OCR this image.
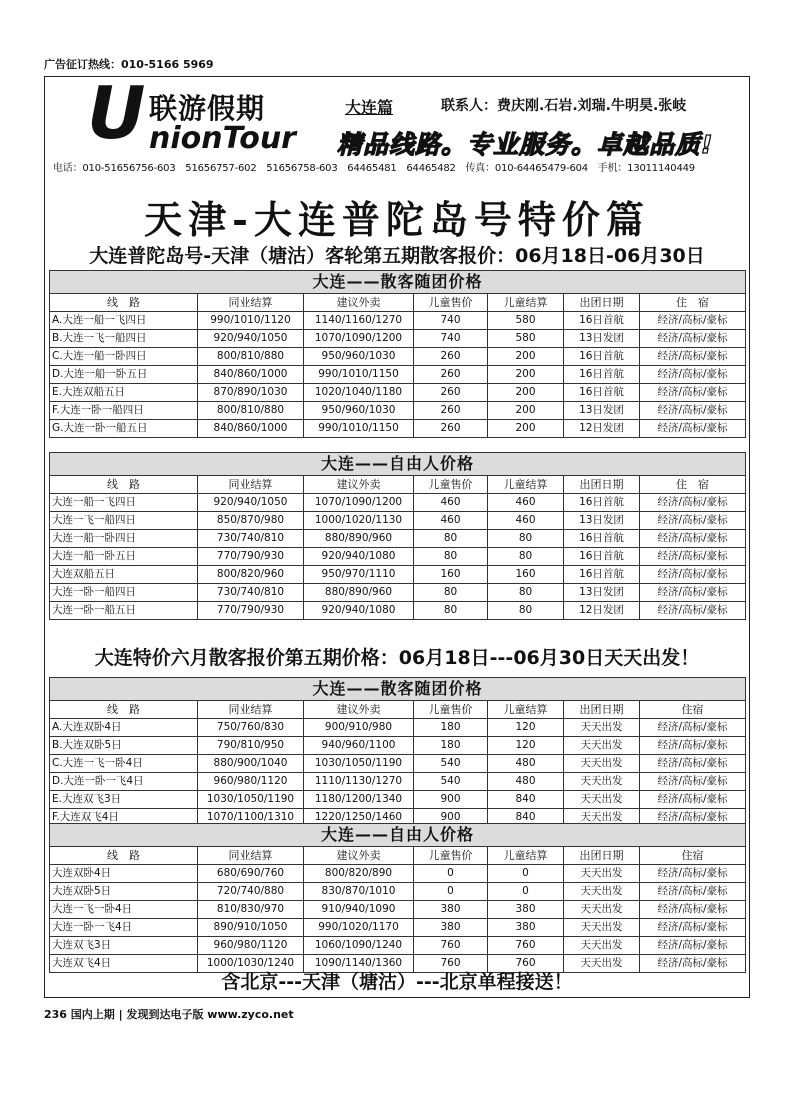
广告征订热线：010-5166 5969
U 联游假期
nionTour
大连篇	联系人：费庆刚.石岩.刘瑞.牛明昊.张岐
精品线路。专业服务。卓越品质!
电话：010-51656756-603　51656757-602　51656758-603　64465481　64465482　传真：010-64465479-604　手机：13011140449
天津-大连普陀岛号特价篇
大连普陀岛号-天津（塘沽）客轮第五期散客报价：06月18日-06月30日
大连——散客随团价格						
线　路	同业结算	建议外卖	儿童售价	儿童结算	出团日期	住　宿
A.大连一船一飞四日	990/1010/1120	1140/1160/1270	740	580	16日首航	经济/高标/豪标
B.大连一飞一船四日	920/940/1050	1070/1090/1200	740	580	13日发团	经济/高标/豪标
C.大连一船一卧四日	800/810/880	950/960/1030	260	200	16日首航	经济/高标/豪标
D.大连一船一卧五日	840/860/1000	990/1010/1150	260	200	16日首航	经济/高标/豪标
E.大连双船五日	870/890/1030	1020/1040/1180	260	200	16日首航	经济/高标/豪标
F.大连一卧一船四日	800/810/880	950/960/1030	260	200	13日发团	经济/高标/豪标
G.大连一卧一船五日	840/860/1000	990/1010/1150	260	200	12日发团	经济/高标/豪标
大连——自由人价格						
线　路	同业结算	建议外卖	儿童售价	儿童结算	出团日期	住　宿
大连一船一飞四日	920/940/1050	1070/1090/1200	460	460	16日首航	经济/高标/豪标
大连一飞一船四日	850/870/980	1000/1020/1130	460	460	13日发团	经济/高标/豪标
大连一船一卧四日	730/740/810	880/890/960	80	80	16日首航	经济/高标/豪标
大连一船一卧五日	770/790/930	920/940/1080	80	80	16日首航	经济/高标/豪标
大连双船五日	800/820/960	950/970/1110	160	160	16日首航	经济/高标/豪标
大连一卧一船四日	730/740/810	880/890/960	80	80	13日发团	经济/高标/豪标
大连一卧一船五日	770/790/930	920/940/1080	80	80	12日发团	经济/高标/豪标
大连特价六月散客报价第五期价格：06月18日---06月30日天天出发！
大连——散客随团价格						
线　路	同业结算	建议外卖	儿童售价	儿童结算	出团日期	住宿
A.大连双卧4日	750/760/830	900/910/980	180	120	天天出发	经济/高标/豪标
B.大连双卧5日	790/810/950	940/960/1100	180	120	天天出发	经济/高标/豪标
C.大连一飞一卧4日	880/900/1040	1030/1050/1190	540	480	天天出发	经济/高标/豪标
D.大连一卧一飞4日	960/980/1120	1110/1130/1270	540	480	天天出发	经济/高标/豪标
E.大连双飞3日	1030/1050/1190	1180/1200/1340	900	840	天天出发	经济/高标/豪标
F.大连双飞4日	1070/1100/1310	1220/1250/1460	900	840	天天出发	经济/高标/豪标
大连——自由人价格						
线　路	同业结算	建议外卖	儿童售价	儿童结算	出团日期	住宿
大连双卧4日	680/690/760	800/820/890	0	0	天天出发	经济/高标/豪标
大连双卧5日	720/740/880	830/870/1010	0	0	天天出发	经济/高标/豪标
大连一飞一卧4日	810/830/970	910/940/1090	380	380	天天出发	经济/高标/豪标
大连一卧一飞4日	890/910/1050	990/1020/1170	380	380	天天出发	经济/高标/豪标
大连双飞3日	960/980/1120	1060/1090/1240	760	760	天天出发	经济/高标/豪标
大连双飞4日	1000/1030/1240	1090/1140/1360	760	760	天天出发	经济/高标/豪标
含北京---天津（塘沽）---北京单程接送！
236 国内上期 | 发现到达电子版 www.zyco.net
